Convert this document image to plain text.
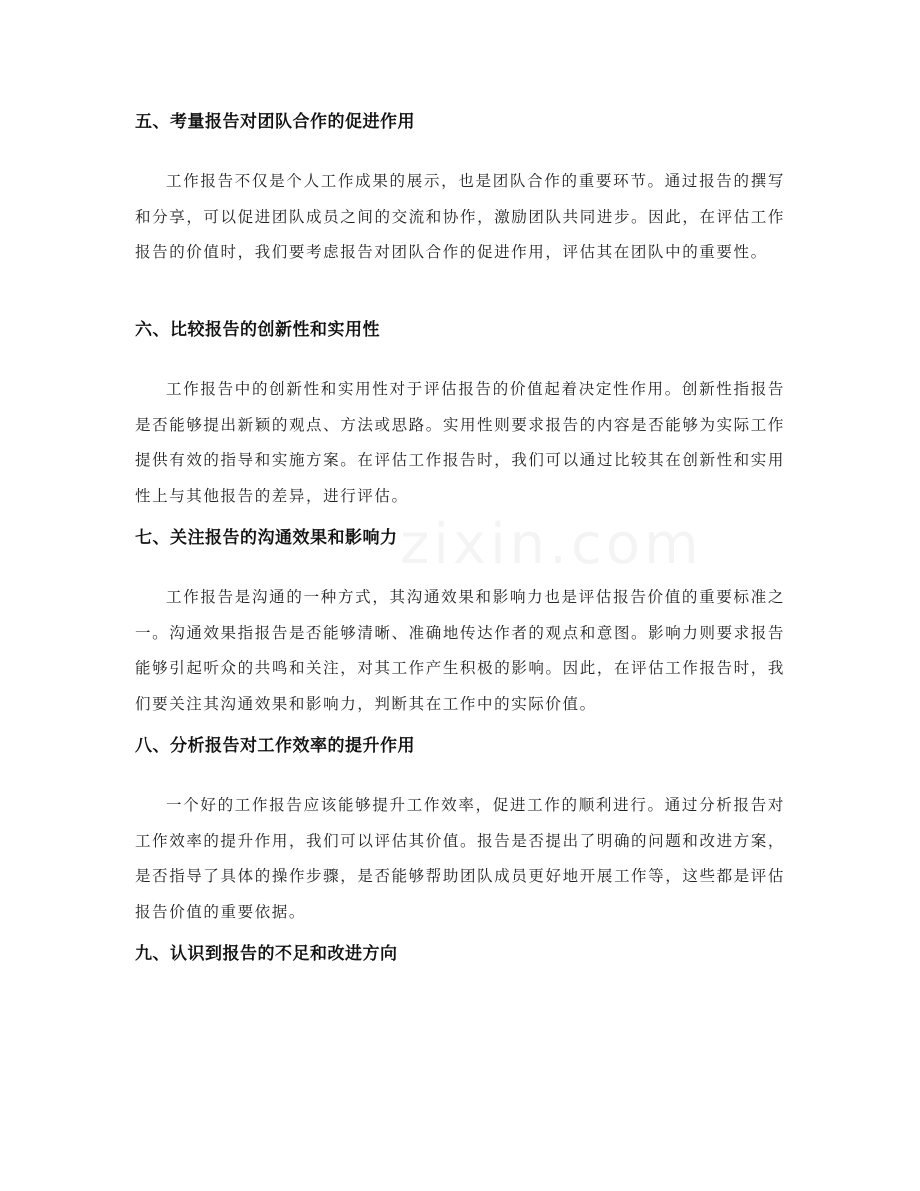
五、考量报告对团队合作的促进作用

工作报告不仅是个人工作成果的展示，也是团队合作的重要环节。通过报告的撰写和分享，可以促进团队成员之间的交流和协作，激励团队共同进步。因此，在评估工作报告的价值时，我们要考虑报告对团队合作的促进作用，评估其在团队中的重要性。

六、比较报告的创新性和实用性

工作报告中的创新性和实用性对于评估报告的价值起着决定性作用。创新性指报告是否能够提出新颖的观点、方法或思路。实用性则要求报告的内容是否能够为实际工作提供有效的指导和实施方案。在评估工作报告时，我们可以通过比较其在创新性和实用性上与其他报告的差异，进行评估。

七、关注报告的沟通效果和影响力

工作报告是沟通的一种方式，其沟通效果和影响力也是评估报告价值的重要标准之一。沟通效果指报告是否能够清晰、准确地传达作者的观点和意图。影响力则要求报告能够引起听众的共鸣和关注，对其工作产生积极的影响。因此，在评估工作报告时，我们要关注其沟通效果和影响力，判断其在工作中的实际价值。

八、分析报告对工作效率的提升作用

一个好的工作报告应该能够提升工作效率，促进工作的顺利进行。通过分析报告对工作效率的提升作用，我们可以评估其价值。报告是否提出了明确的问题和改进方案，是否指导了具体的操作步骤，是否能够帮助团队成员更好地开展工作等，这些都是评估报告价值的重要依据。

九、认识到报告的不足和改进方向
